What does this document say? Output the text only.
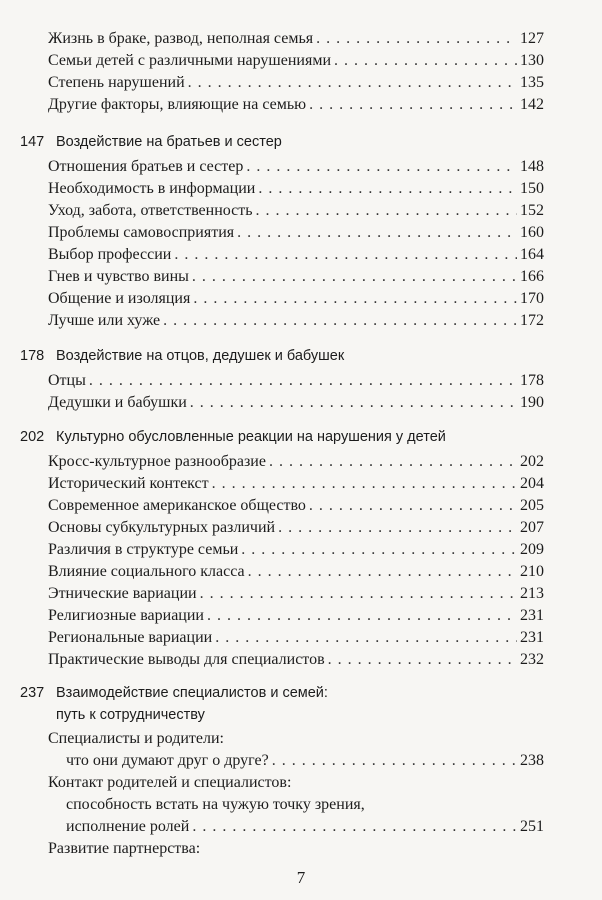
Жизнь в браке, развод, неполная семья . . .	127
Семьи детей с различными нарушениями . . .	130
Степень нарушений . . .	135
Другие факторы, влияющие на семью . . .	142
147 Воздействие на братьев и сестер
Отношения братьев и сестер . . .	148
Необходимость в информации . . .	150
Уход, забота, ответственность . . .	152
Проблемы самовосприятия . . .	160
Выбор профессии . . .	164
Гнев и чувство вины . . .	166
Общение и изоляция . . .	170
Лучше или хуже . . .	172
178 Воздействие на отцов, дедушек и бабушек
Отцы . . .	178
Дедушки и бабушки . . .	190
202 Культурно обусловленные реакции на нарушения у детей
Кросс-культурное разнообразие . . .	202
Исторический контекст . . .	204
Современное американское общество . . .	205
Основы субкультурных различий . . .	207
Различия в структуре семьи . . .	209
Влияние социального класса . . .	210
Этнические вариации . . .	213
Религиозные вариации . . .	231
Региональные вариации . . .	231
Практические выводы для специалистов . . .	232
237 Взаимодействие специалистов и семей:
путь к сотрудничеству
Специалисты и родители:
что они думают друг о друге? . . .	238
Контакт родителей и специалистов:
способность встать на чужую точку зрения,
исполнение ролей . . .	251
Развитие партнерства:
7
